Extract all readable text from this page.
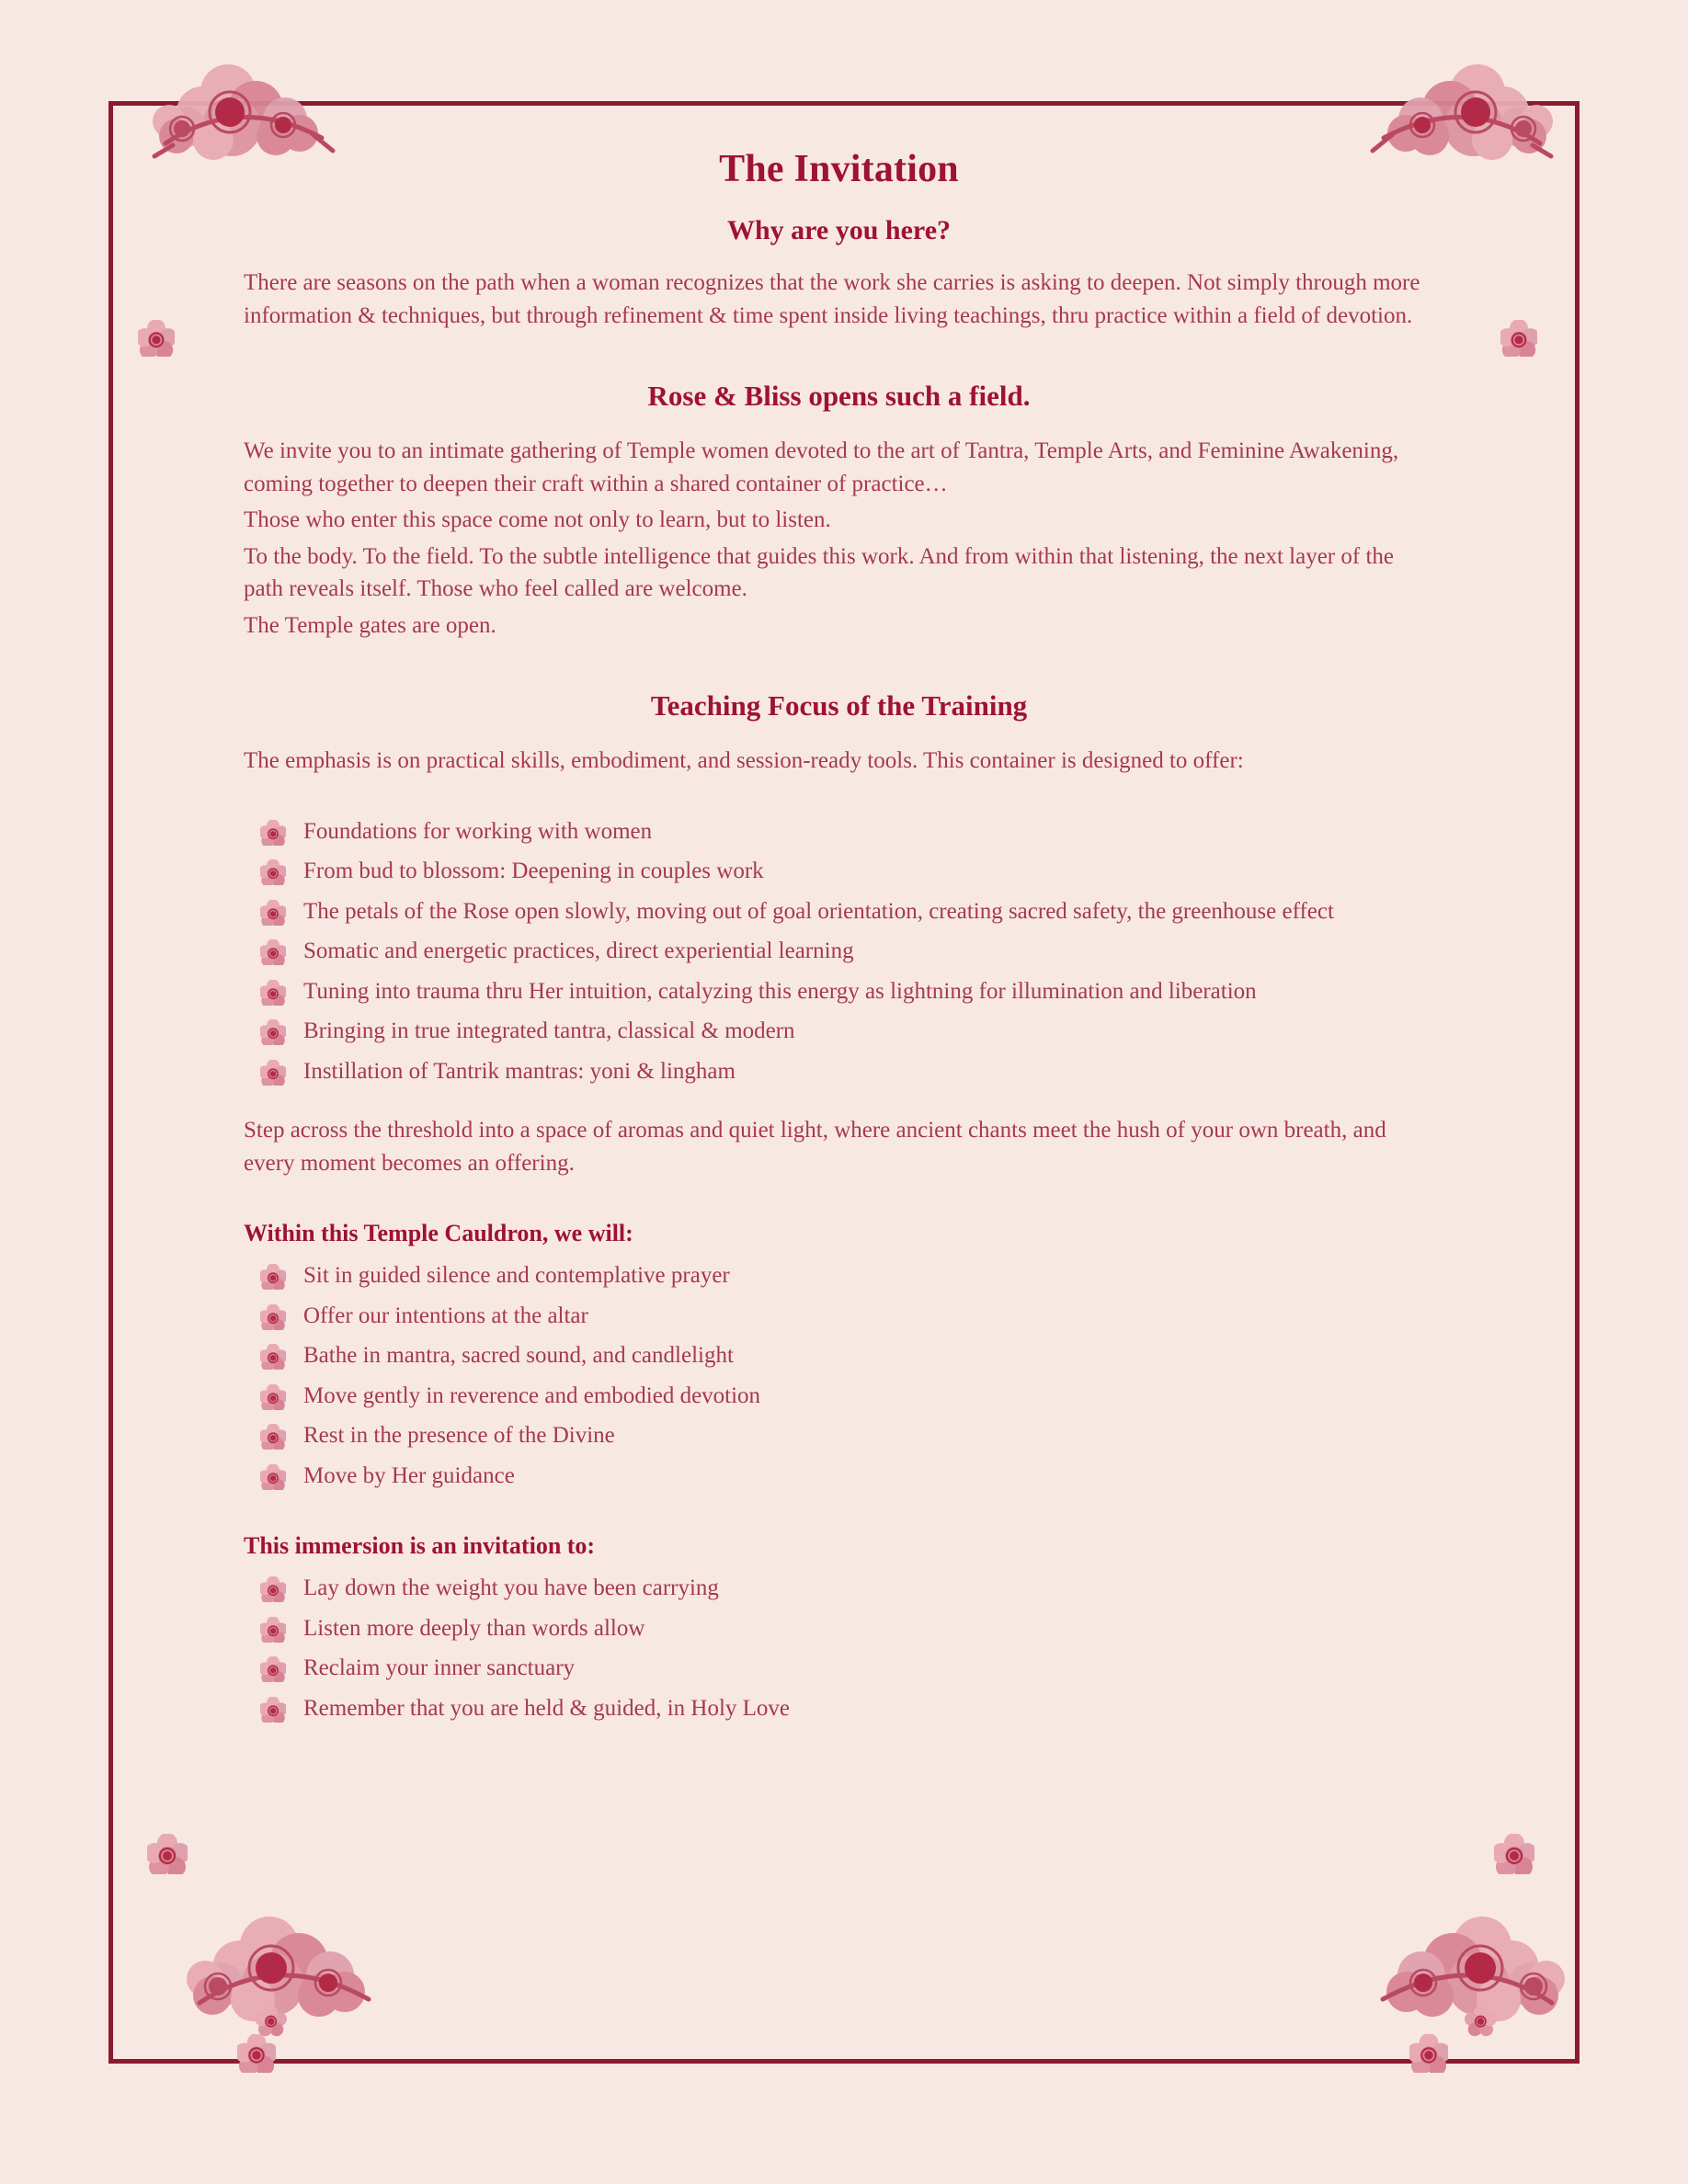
The Invitation
Why are you here?

There are seasons on the path when a woman recognizes that the work she carries is asking to deepen. Not simply through more information & techniques, but through refinement & time spent inside living teachings, thru practice within a field of devotion.

Rose & Bliss opens such a field.

We invite you to an intimate gathering of Temple women devoted to the art of Tantra, Temple Arts, and Feminine Awakening, coming together to deepen their craft within a shared container of practice…

Those who enter this space come not only to learn, but to listen.

To the body. To the field. To the subtle intelligence that guides this work. And from within that listening, the next layer of the path reveals itself. Those who feel called are welcome.

The Temple gates are open.

Teaching Focus of the Training

The emphasis is on practical skills, embodiment, and session-ready tools. This container is designed to offer:

Foundations for working with women
From bud to blossom: Deepening in couples work
The petals of the Rose open slowly, moving out of goal orientation, creating sacred safety, the greenhouse effect
Somatic and energetic practices, direct experiential learning
Tuning into trauma thru Her intuition, catalyzing this energy as lightning for illumination and liberation
Bringing in true integrated tantra, classical & modern
Instillation of Tantrik mantras: yoni & lingham

Step across the threshold into a space of aromas and quiet light, where ancient chants meet the hush of your own breath, and every moment becomes an offering.

Within this Temple Cauldron, we will:
Sit in guided silence and contemplative prayer
Offer our intentions at the altar
Bathe in mantra, sacred sound, and candlelight
Move gently in reverence and embodied devotion
Rest in the presence of the Divine
Move by Her guidance
This immersion is an invitation to:
Lay down the weight you have been carrying
Listen more deeply than words allow
Reclaim your inner sanctuary
Remember that you are held & guided, in Holy Love
